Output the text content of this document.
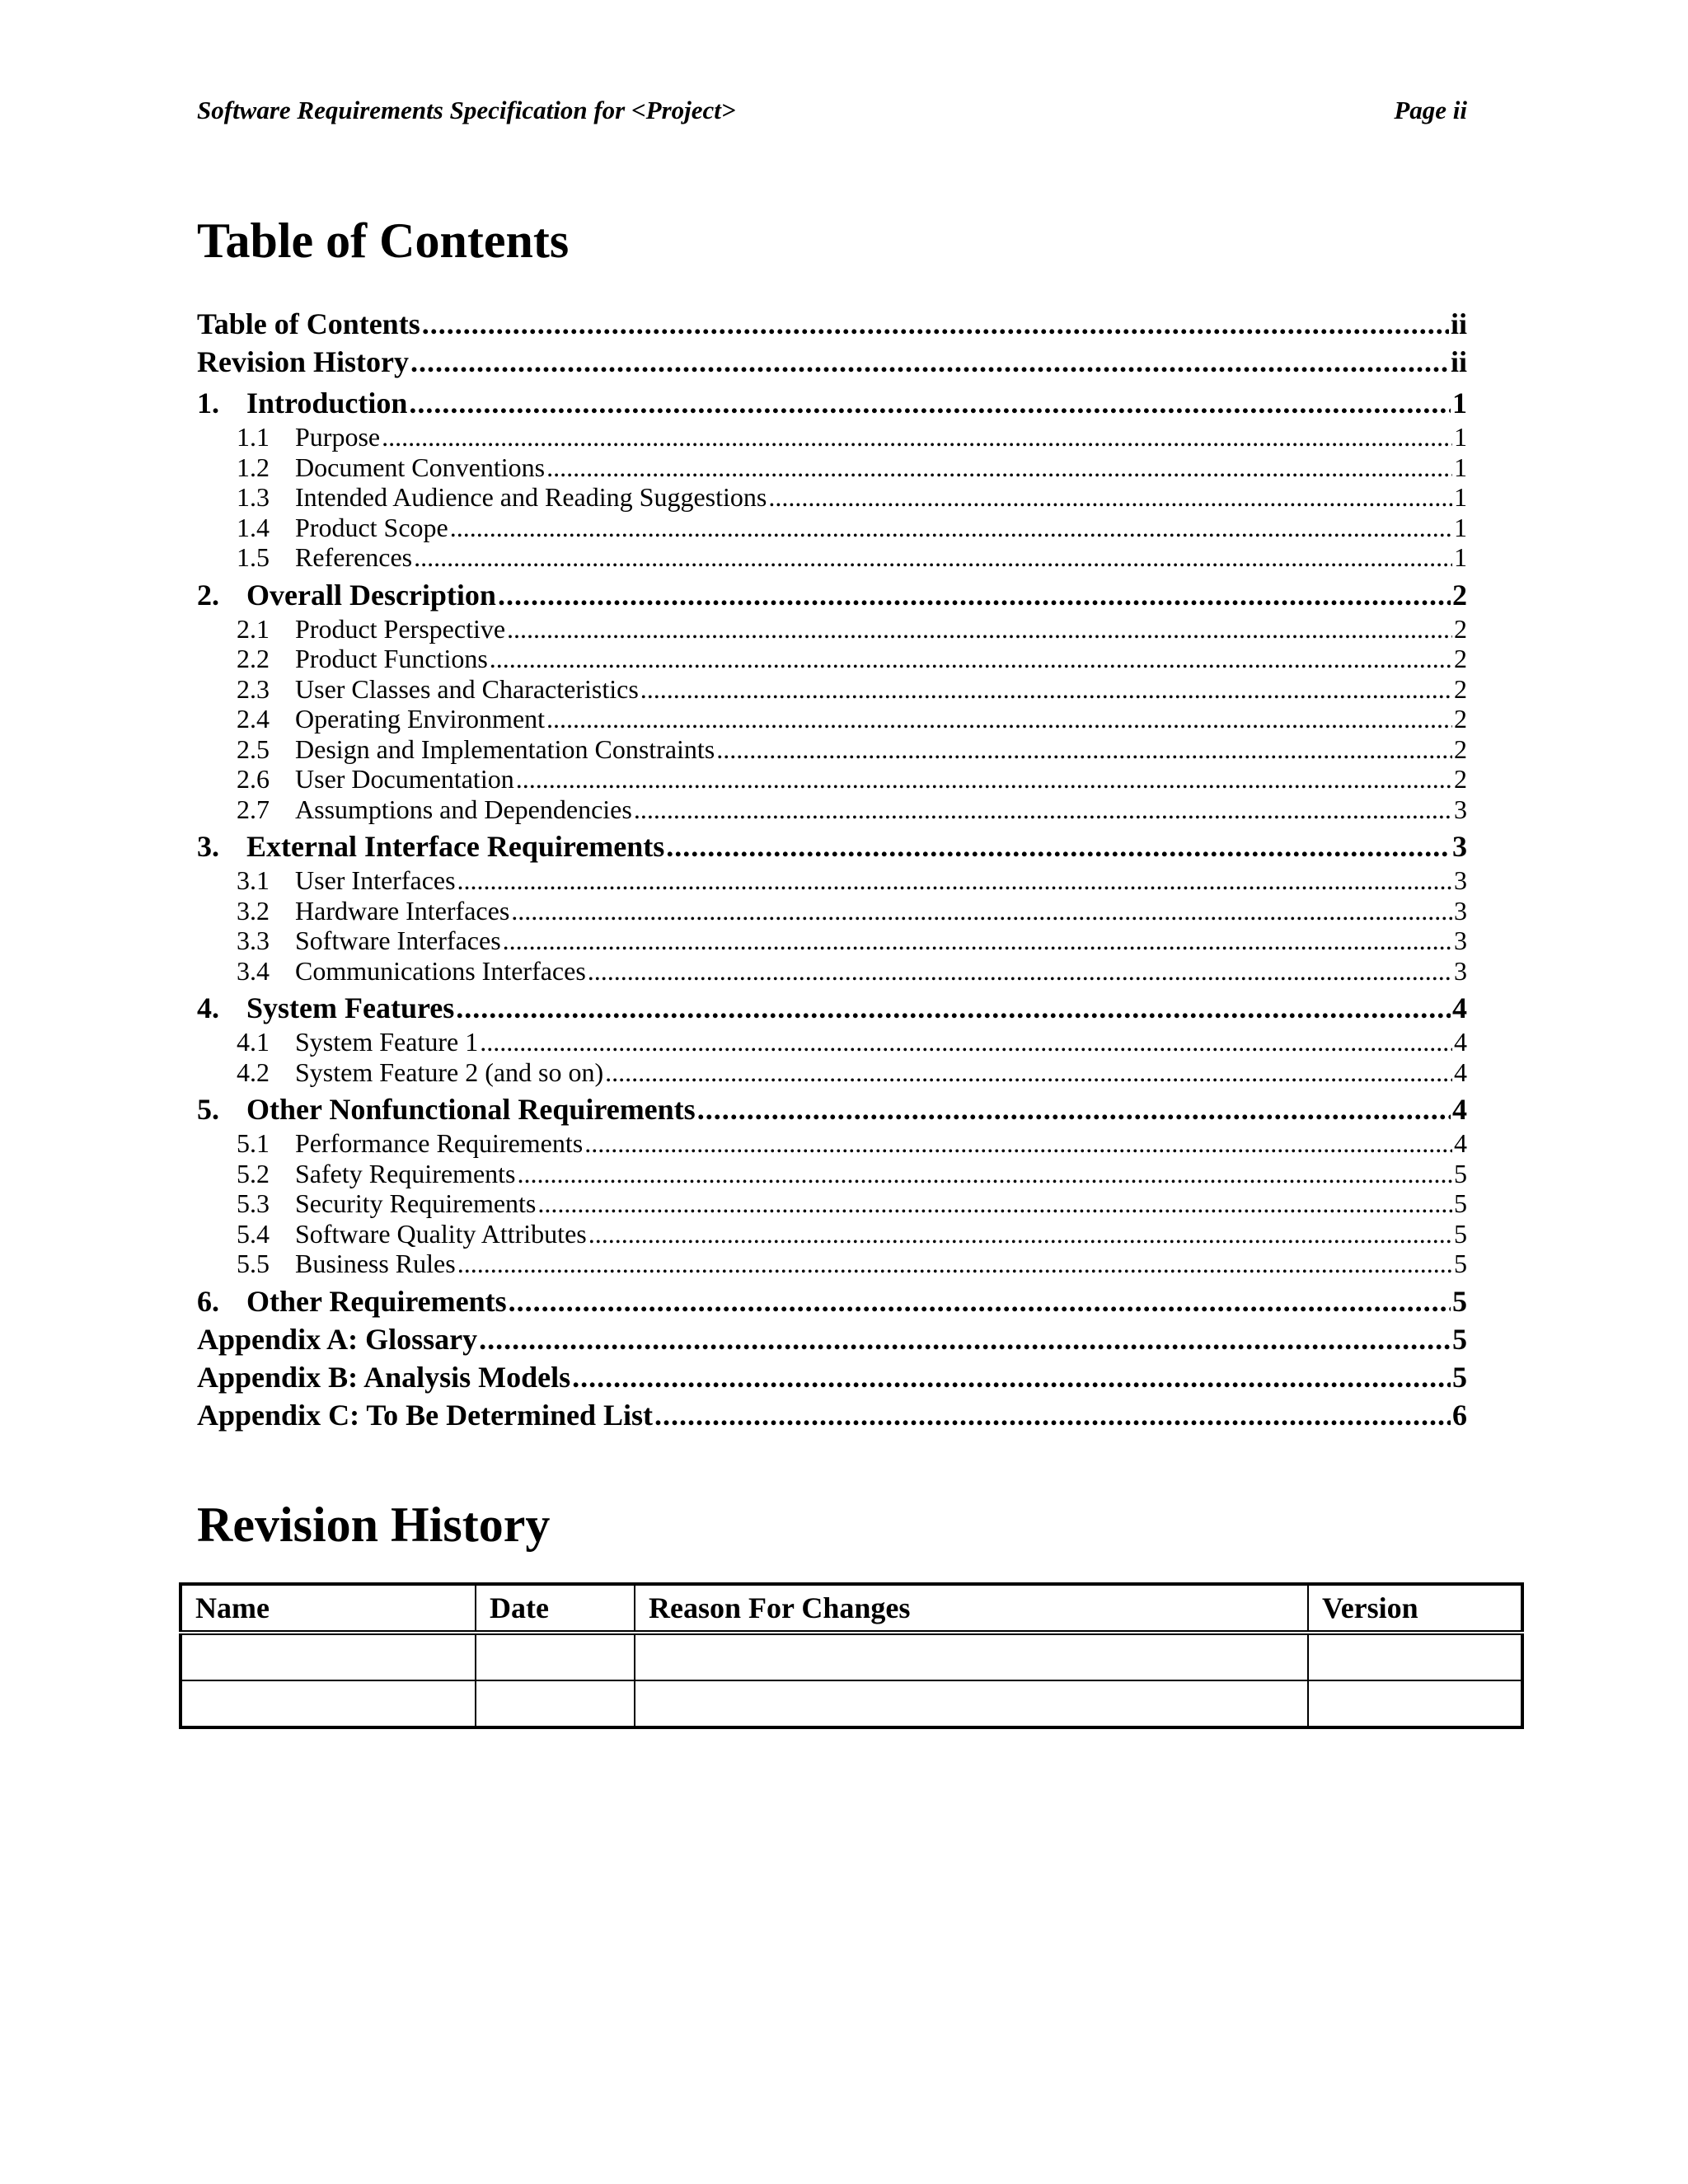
Software Requirements Specification for <Project>	Page ii
Table of Contents
Table of Contents .....	ii
Revision History .....	ii
1. Introduction .....	1
1.1 Purpose .....	1
1.2 Document Conventions .....	1
1.3 Intended Audience and Reading Suggestions .....	1
1.4 Product Scope .....	1
1.5 References .....	1
2. Overall Description .....	2
2.1 Product Perspective .....	2
2.2 Product Functions .....	2
2.3 User Classes and Characteristics .....	2
2.4 Operating Environment .....	2
2.5 Design and Implementation Constraints .....	2
2.6 User Documentation .....	2
2.7 Assumptions and Dependencies .....	3
3. External Interface Requirements .....	3
3.1 User Interfaces .....	3
3.2 Hardware Interfaces .....	3
3.3 Software Interfaces .....	3
3.4 Communications Interfaces .....	3
4. System Features .....	4
4.1 System Feature 1 .....	4
4.2 System Feature 2 (and so on) .....	4
5. Other Nonfunctional Requirements .....	4
5.1 Performance Requirements .....	4
5.2 Safety Requirements .....	5
5.3 Security Requirements .....	5
5.4 Software Quality Attributes .....	5
5.5 Business Rules .....	5
6. Other Requirements .....	5
Appendix A: Glossary .....	5
Appendix B: Analysis Models .....	5
Appendix C: To Be Determined List .....	6
Revision History
Name	Date	Reason For Changes	Version
